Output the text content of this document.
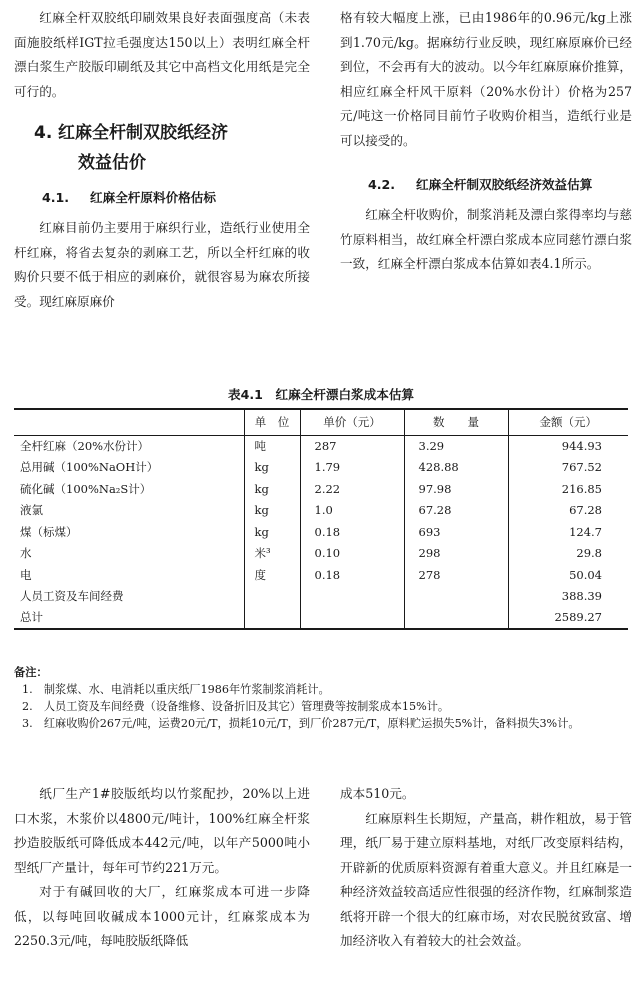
红麻全杆双胶纸印刷效果良好表面强度高（未表面施胶纸样IGT拉毛强度达150以上）表明红麻全杆漂白浆生产胶版印刷纸及其它中高档文化用纸是完全可行的。

4. 红麻全杆制双胶纸经济
效益估价
4.1. 红麻全杆原料价格估标

红麻目前仍主要用于麻织行业，造纸行业使用全杆红麻，将省去复杂的剥麻工艺，所以全杆红麻的收购价只要不低于相应的剥麻价，就很容易为麻农所接受。现红麻原麻价

格有较大幅度上涨，已由1986年的0.96元/kg上涨到1.70元/kg。据麻纺行业反映，现红麻原麻价已经到位，不会再有大的波动。以今年红麻原麻价推算，相应红麻全杆风干原料（20%水份计）价格为257元/吨这一价格同目前竹子收购价相当，造纸行业是可以接受的。

4.2. 红麻全杆制双胶纸经济效益估算

红麻全杆收购价，制浆消耗及漂白浆得率均与慈竹原料相当，故红麻全杆漂白浆成本应同慈竹漂白浆一致，红麻全杆漂白浆成本估算如表4.1所示。

表4.1　红麻全杆漂白浆成本估算
	单　位	单价（元）	数　　量	金额（元）
全杆红麻（20%水份计）	吨	287	3.29	944.93
总用碱（100%NaOH计）	kg	1.79	428.88	767.52
硫化碱（100%Na₂S计）	kg	2.22	97.98	216.85
液氯	kg	1.0	67.28	67.28
煤（标煤）	kg	0.18	693	124.7
水	米³	0.10	298	29.8
电	度	0.18	278	50.04
人员工资及车间经费				388.39
总计				2589.27
备注：
1.　制浆煤、水、电消耗以重庆纸厂1986年竹浆制浆消耗计。
2.　人员工资及车间经费（设备维修、设备折旧及其它）管理费等按制浆成本15%计。
3.　红麻收购价267元/吨，运费20元/T，损耗10元/T，到厂价287元/T，原料贮运损失5%计，备料损失3%计。

纸厂生产1#胶版纸均以竹浆配抄，20%以上进口木浆，木浆价以4800元/吨计，100%红麻全杆浆抄造胶版纸可降低成本442元/吨，以年产5000吨小型纸厂产量计，每年可节约221万元。

对于有碱回收的大厂，红麻浆成本可进一步降低，以每吨回收碱成本1000元计，红麻浆成本为2250.3元/吨，每吨胶版纸降低

成本510元。

红麻原料生长期短，产量高，耕作粗放，易于管理，纸厂易于建立原料基地，对纸厂改变原料结构，开辟新的优质原料资源有着重大意义。并且红麻是一种经济效益较高适应性很强的经济作物，红麻制浆造纸将开辟一个很大的红麻市场，对农民脱贫致富、增加经济收入有着较大的社会效益。
